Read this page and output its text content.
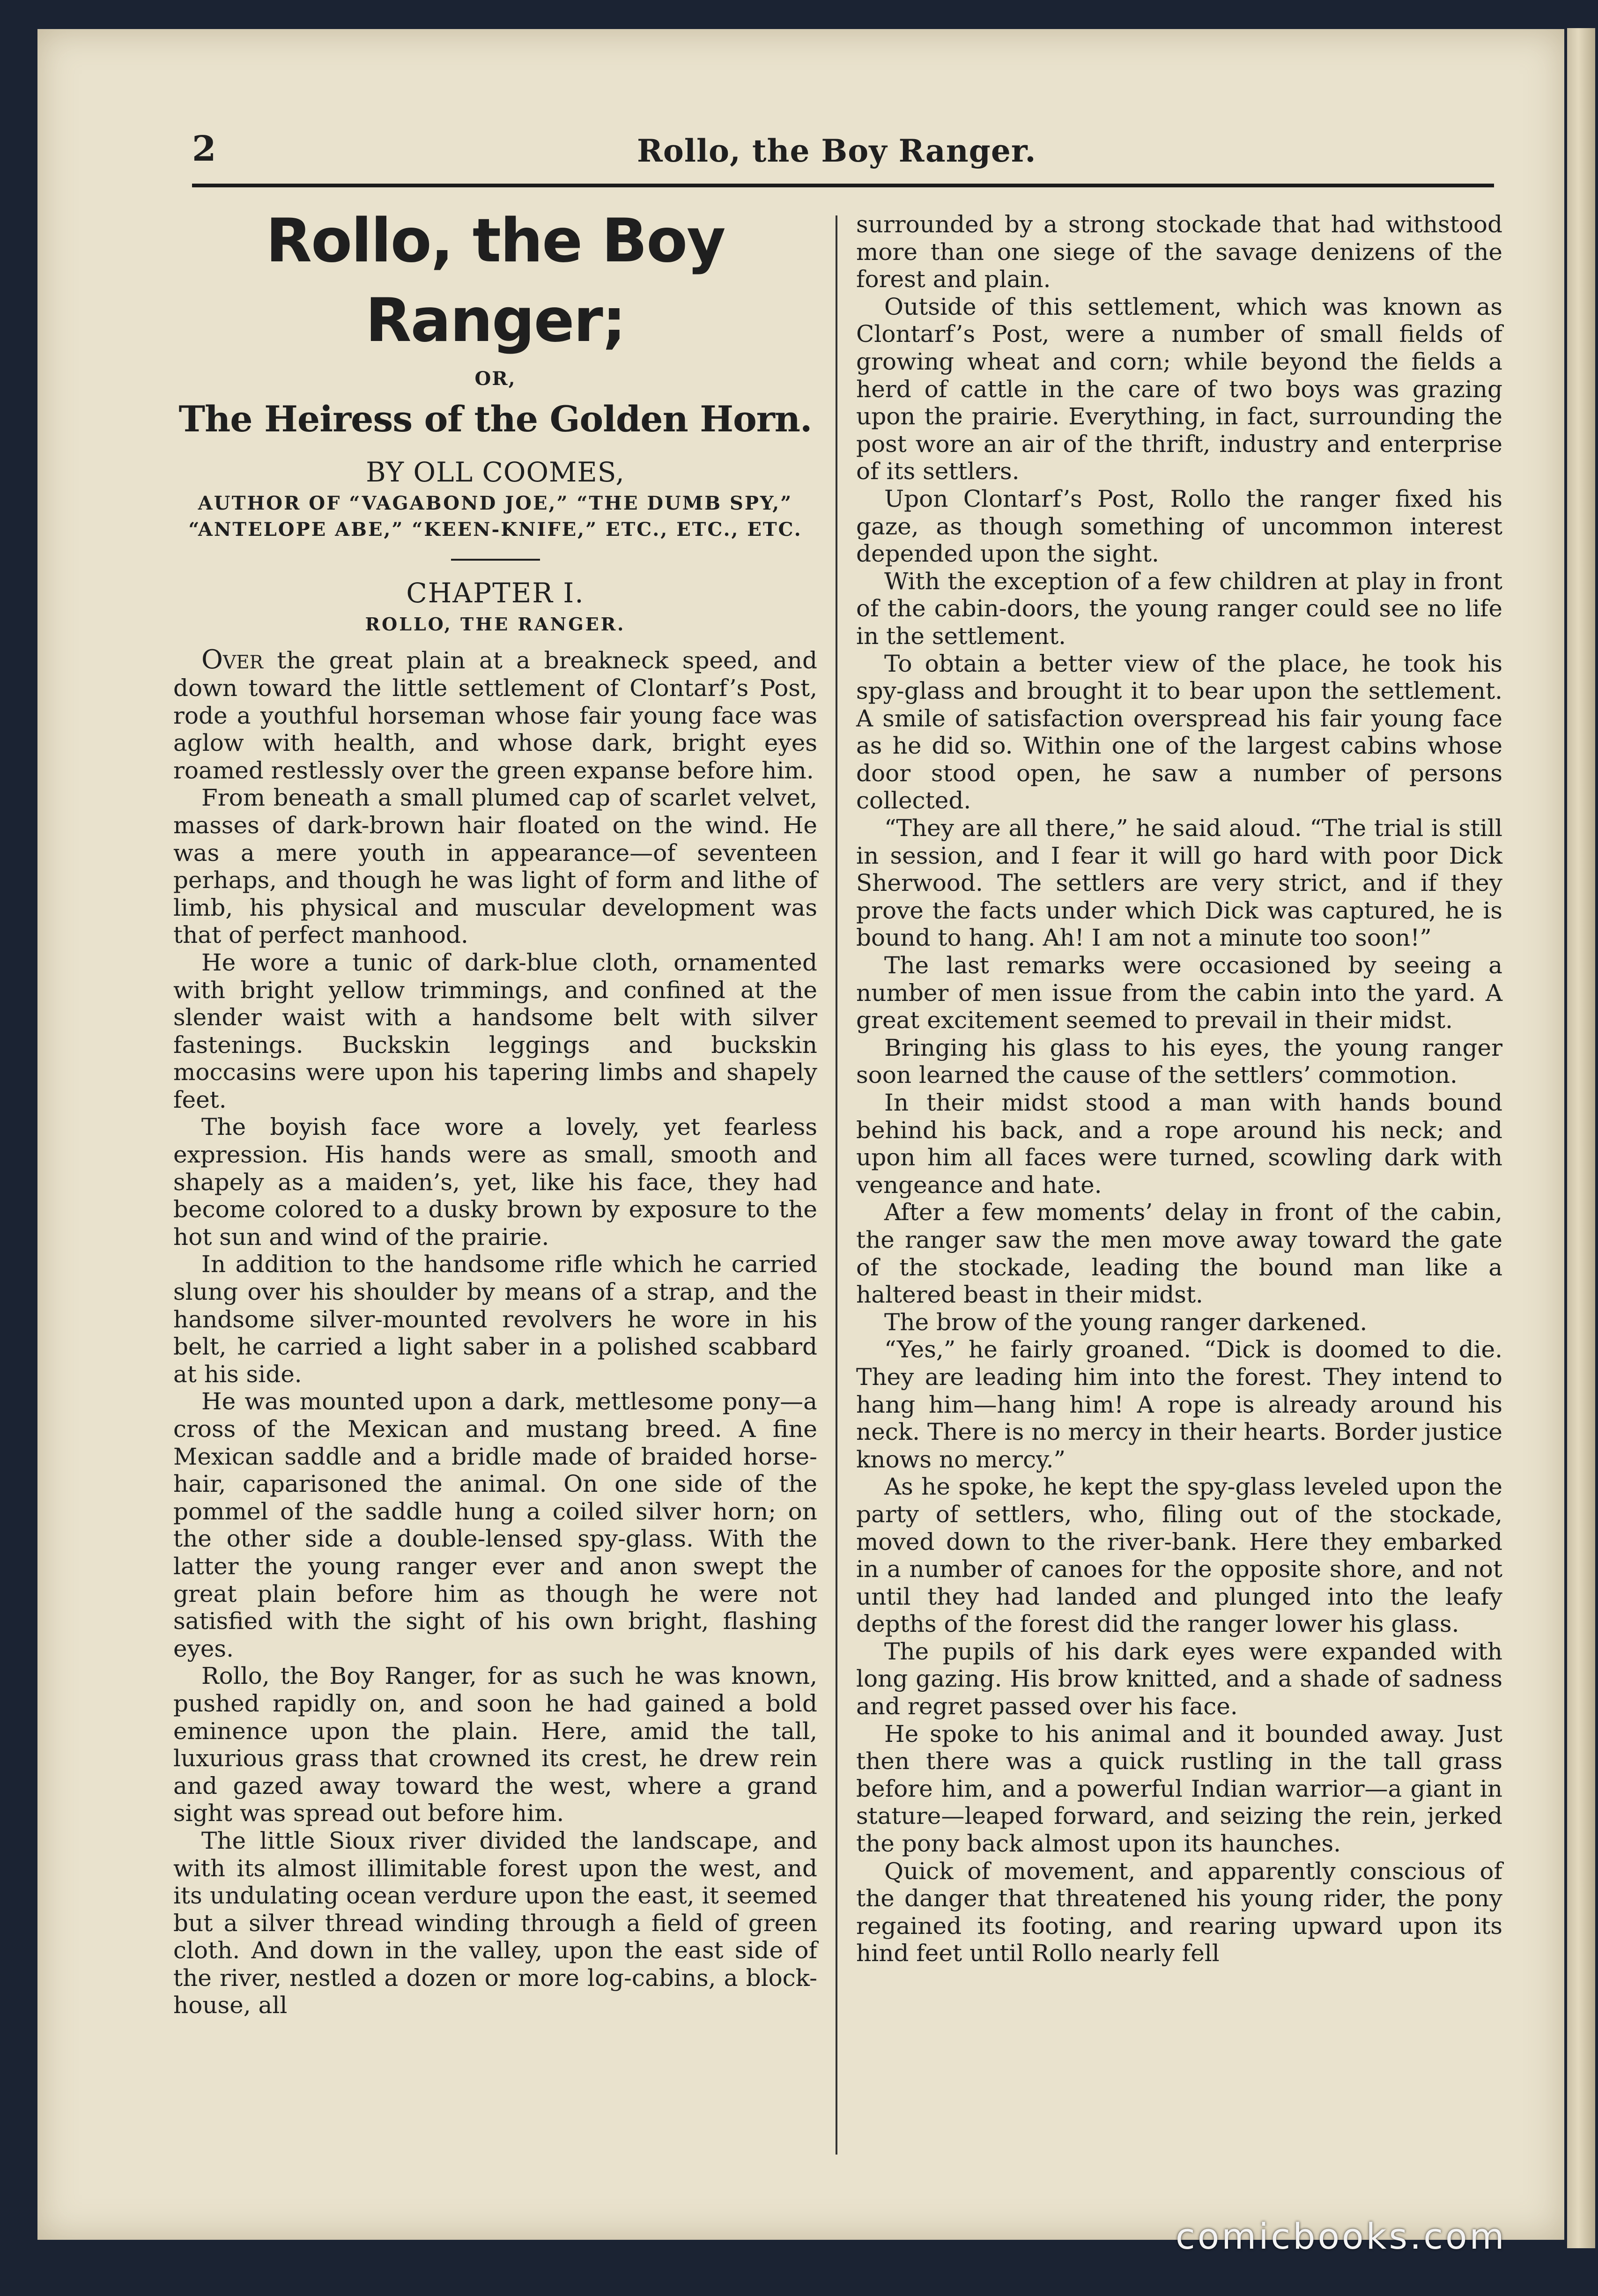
2	Rollo, the Boy Ranger.
Rollo, the Boy Ranger;
OR,
The Heiress of the Golden Horn.
BY OLL COOMES,

AUTHOR OF “VAGABOND JOE,” “THE DUMB SPY,” “ANTELOPE ABE,” “KEEN-KNIFE,” ETC., ETC., ETC.

CHAPTER I.
ROLLO, THE RANGER.

Over the great plain at a breakneck speed, and down toward the little settlement of Clontarf’s Post, rode a youthful horseman whose fair young face was aglow with health, and whose dark, bright eyes roamed restlessly over the green expanse before him.

From beneath a small plumed cap of scarlet velvet, masses of dark-brown hair floated on the wind. He was a mere youth in appearance—of seventeen perhaps, and though he was light of form and lithe of limb, his physical and muscular development was that of perfect manhood.

He wore a tunic of dark-blue cloth, ornamented with bright yellow trimmings, and confined at the slender waist with a handsome belt with silver fastenings. Buckskin leggings and buckskin moccasins were upon his tapering limbs and shapely feet.

The boyish face wore a lovely, yet fearless expression. His hands were as small, smooth and shapely as a maiden’s, yet, like his face, they had become colored to a dusky brown by exposure to the hot sun and wind of the prairie.

In addition to the handsome rifle which he carried slung over his shoulder by means of a strap, and the handsome silver-mounted revolvers he wore in his belt, he carried a light saber in a polished scabbard at his side.

He was mounted upon a dark, mettlesome pony—a cross of the Mexican and mustang breed. A fine Mexican saddle and a bridle made of braided horse-hair, caparisoned the animal. On one side of the pommel of the saddle hung a coiled silver horn; on the other side a double-lensed spy-glass. With the latter the young ranger ever and anon swept the great plain before him as though he were not satisfied with the sight of his own bright, flashing eyes.

Rollo, the Boy Ranger, for as such he was known, pushed rapidly on, and soon he had gained a bold eminence upon the plain. Here, amid the tall, luxurious grass that crowned its crest, he drew rein and gazed away toward the west, where a grand sight was spread out before him.

The little Sioux river divided the landscape, and with its almost illimitable forest upon the west, and its undulating ocean verdure upon the east, it seemed but a silver thread winding through a field of green cloth. And down in the valley, upon the east side of the river, nestled a dozen or more log-cabins, a block-house, all

surrounded by a strong stockade that had withstood more than one siege of the savage denizens of the forest and plain.

Outside of this settlement, which was known as Clontarf’s Post, were a number of small fields of growing wheat and corn; while beyond the fields a herd of cattle in the care of two boys was grazing upon the prairie. Everything, in fact, surrounding the post wore an air of the thrift, industry and enterprise of its settlers.

Upon Clontarf’s Post, Rollo the ranger fixed his gaze, as though something of uncommon interest depended upon the sight.

With the exception of a few children at play in front of the cabin-doors, the young ranger could see no life in the settlement.

To obtain a better view of the place, he took his spy-glass and brought it to bear upon the settlement. A smile of satisfaction overspread his fair young face as he did so. Within one of the largest cabins whose door stood open, he saw a number of persons collected.

“They are all there,” he said aloud. “The trial is still in session, and I fear it will go hard with poor Dick Sherwood. The settlers are very strict, and if they prove the facts under which Dick was captured, he is bound to hang. Ah! I am not a minute too soon!”

The last remarks were occasioned by seeing a number of men issue from the cabin into the yard. A great excitement seemed to prevail in their midst.

Bringing his glass to his eyes, the young ranger soon learned the cause of the settlers’ commotion.

In their midst stood a man with hands bound behind his back, and a rope around his neck; and upon him all faces were turned, scowling dark with vengeance and hate.

After a few moments’ delay in front of the cabin, the ranger saw the men move away toward the gate of the stockade, leading the bound man like a haltered beast in their midst.

The brow of the young ranger darkened.

“Yes,” he fairly groaned. “Dick is doomed to die. They are leading him into the forest. They intend to hang him—hang him! A rope is already around his neck. There is no mercy in their hearts. Border justice knows no mercy.”

As he spoke, he kept the spy-glass leveled upon the party of settlers, who, filing out of the stockade, moved down to the river-bank. Here they embarked in a number of canoes for the opposite shore, and not until they had landed and plunged into the leafy depths of the forest did the ranger lower his glass.

The pupils of his dark eyes were expanded with long gazing. His brow knitted, and a shade of sadness and regret passed over his face.

He spoke to his animal and it bounded away. Just then there was a quick rustling in the tall grass before him, and a powerful Indian warrior—a giant in stature—leaped forward, and seizing the rein, jerked the pony back almost upon its haunches.

Quick of movement, and apparently conscious of the danger that threatened his young rider, the pony regained its footing, and rearing upward upon its hind feet until Rollo nearly fell

comicbooks.com
